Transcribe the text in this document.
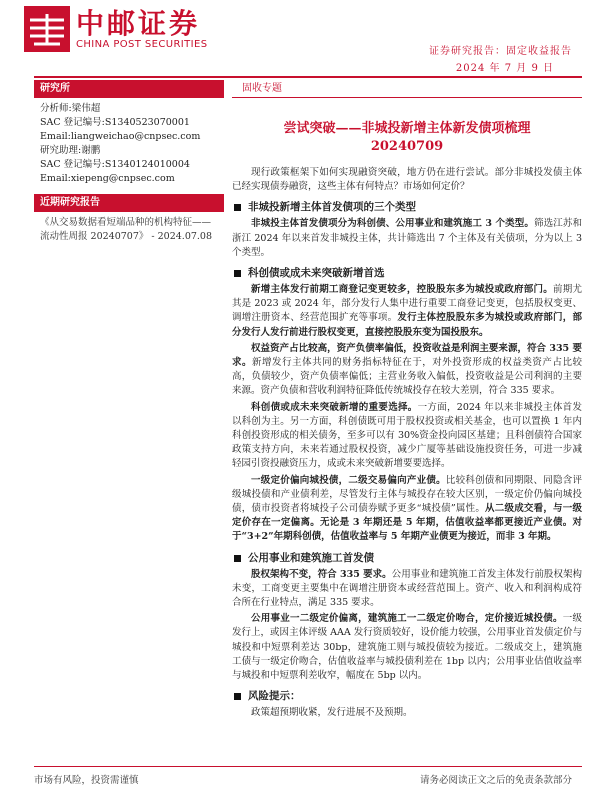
中邮证券
CHINA POST SECURITIES
证券研究报告：固定收益报告
2024 年 7 月 9 日
研究所
分析师:梁伟超
SAC 登记编号:S1340523070001
Email:liangweichao@cnpsec.com
研究助理:谢鹏
SAC 登记编号:S1340124010004
Email:xiepeng@cnpsec.com
近期研究报告
《从交易数据看短端品种的机构特征——流动性周报 20240707》 - 2024.07.08
固收专题
尝试突破——非城投新增主体新发债项梳理
20240709

现行政策框架下如何实现融资突破，地方仍在进行尝试。部分非城投发债主体已经实现债券融资，这些主体有何特点？市场如何定价？

非城投新增主体首发债项的三个类型

非城投主体首发债项分为科创债、公用事业和建筑施工 3 个类型。筛选江苏和浙江 2024 年以来首发非城投主体，共计筛选出 7 个主体及有关债项，分为以上 3 个类型。

科创债或成未来突破新增首选

新增主体发行前期工商登记变更较多，控股股东多为城投或政府部门。前期尤其是 2023 或 2024 年，部分发行人集中进行重要工商登记变更，包括股权变更、调增注册资本、经营范围扩充等事项。发行主体控股股东多为城投或政府部门，部分发行人发行前进行股权变更，直接控股股东变为国投股东。

权益资产占比较高，资产负债率偏低，投资收益是利润主要来源，符合 335 要求。新增发行主体共同的财务指标特征在于，对外投资形成的权益类资产占比较高，负债较少，资产负债率偏低；主营业务收入偏低，投资收益是公司利润的主要来源。资产负债和营收利润特征降低传统城投存在较大差别，符合 335 要求。

科创债或成未来突破新增的重要选择。一方面，2024 年以来非城投主体首发以科创为主。另一方面，科创债既可用于股权投资或相关基金，也可以置换 1 年内科创投资形成的相关债务，至多可以有 30%资金投向园区基建；且科创债符合国家政策支持方向，未来若通过股权投资，减少广厦等基础设施投资任务，可进一步减轻园引资投融资压力，成或未来突破新增要要选择。

一级定价偏向城投债，二级交易偏向产业债。比较科创债和同期限、同隐含评级城投债和产业债利差，尽管发行主体与城投存在较大区别，一级定价仍偏向城投债，债市投资者将城投子公司债券赋予更多“城投债”属性。从二级成交看，与一级定价存在一定偏离。无论是 3 年期还是 5 年期，估值收益率都更接近产业债。对于“3+2”年期科创债，估值收益率与 5 年期产业债更为接近，而非 3 年期。

公用事业和建筑施工首发债

股权架构不变，符合 335 要求。公用事业和建筑施工首发主体发行前股权架构未变，工商变更主要集中在调增注册资本或经营范围上。资产、收入和利润构成符合所在行业特点，满足 335 要求。

公用事业一二级定价偏离，建筑施工一二级定价吻合，定价接近城投债。一级发行上，或因主体评级 AAA 发行资质较好，设价能力较强，公用事业首发债定价与城投和中短票利差达 30bp，建筑施工则与城投债较为接近。二级成交上，建筑施工债与一级定价吻合，估值收益率与城投债利差在 1bp 以内；公用事业估值收益率与城投和中短票利差收窄，幅度在 5bp 以内。

风险提示：

政策超预期收紧，发行进展不及预期。

市场有风险，投资需谨慎	请务必阅读正文之后的免责条款部分
